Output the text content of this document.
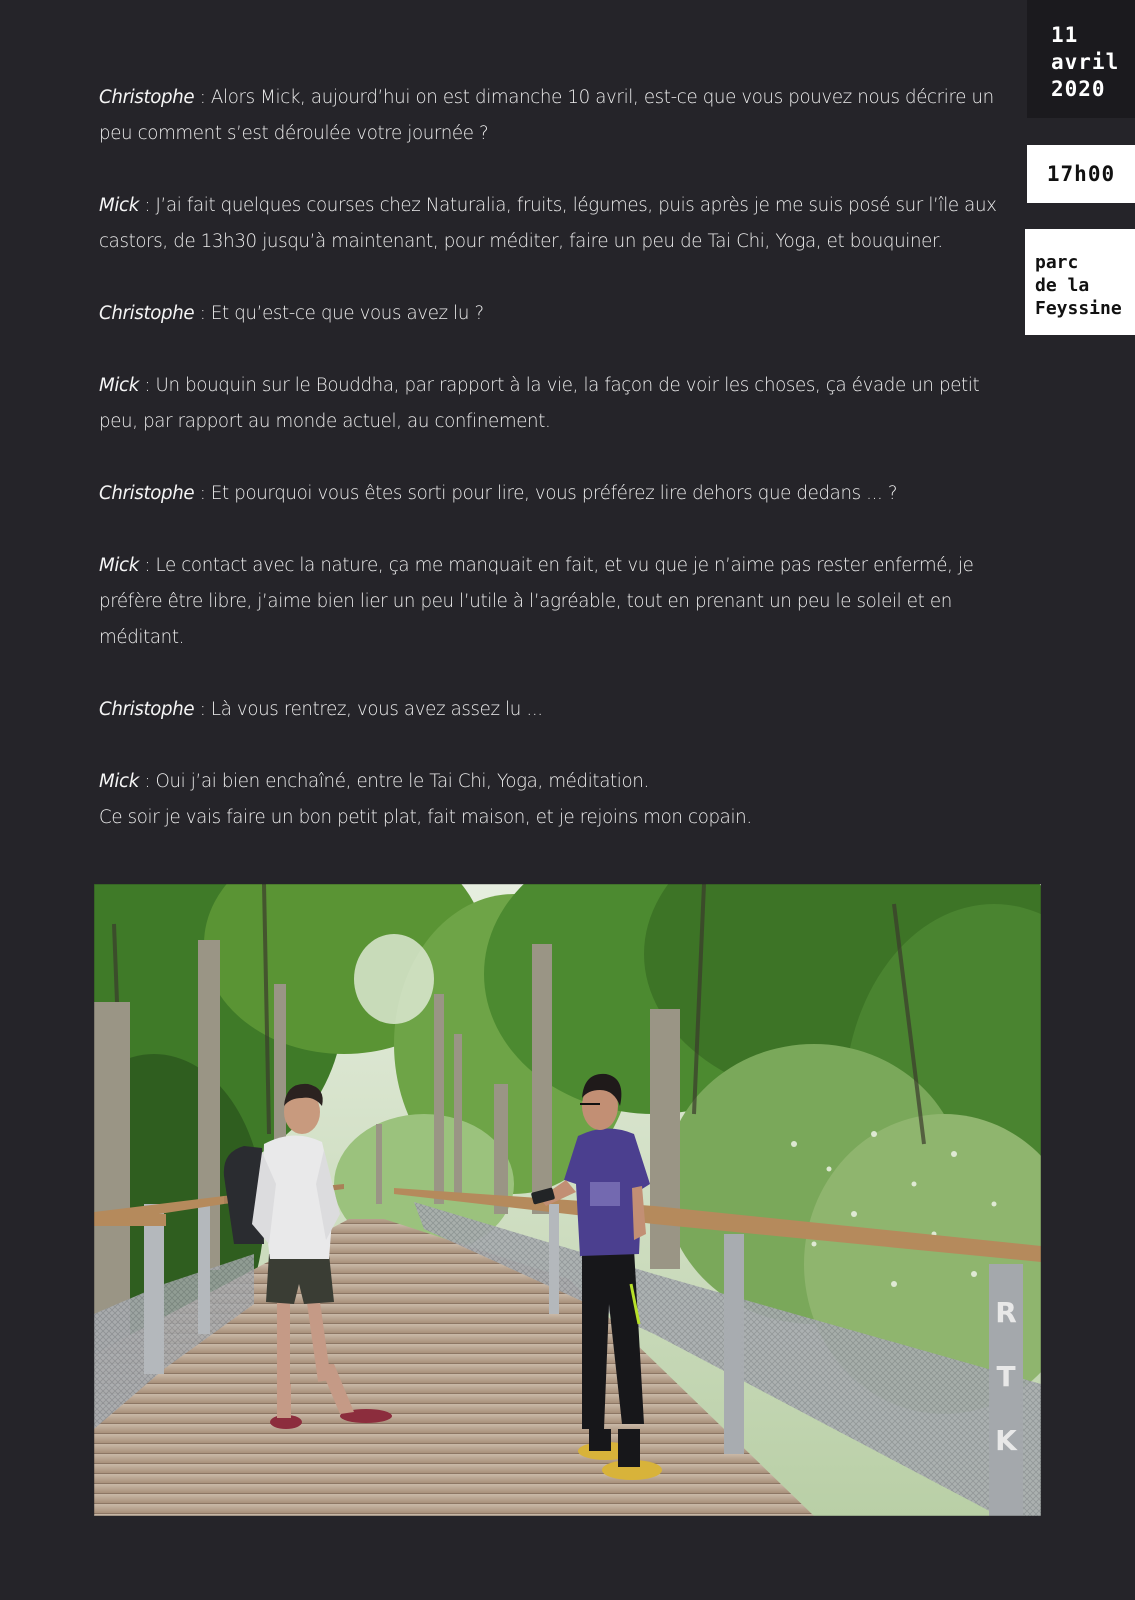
11
avril
2020
17h00
parc
de la
Feyssine

Christophe : Alors Mick, aujourd’hui on est dimanche 10 avril, est-ce que vous pouvez nous décrire un peu comment s’est déroulée votre journée ?

Mick : J’ai fait quelques courses chez Naturalia, fruits, légumes, puis après je me suis posé sur l’île aux castors, de 13h30 jusqu’à maintenant, pour méditer, faire un peu de Tai Chi, Yoga, et bouquiner.

Christophe : Et qu’est-ce que vous avez lu ?

Mick : Un bouquin sur le Bouddha, par rapport à la vie, la façon de voir les choses, ça évade un petit peu, par rapport au monde actuel, au confinement.

Christophe : Et pourquoi vous êtes sorti pour lire, vous préférez lire dehors que dedans ... ?

Mick : Le contact avec la nature, ça me manquait en fait, et vu que je n’aime pas rester enfermé, je préfère être libre, j’aime bien lier un peu l’utile à l’agréable, tout en prenant un peu le soleil et en méditant.

Christophe : Là vous rentrez, vous avez assez lu ...

Mick : Oui j’ai bien enchaîné, entre le Tai Chi, Yoga, méditation.
Ce soir je vais faire un bon petit plat, fait maison, et je rejoins mon copain.

R
T
K
